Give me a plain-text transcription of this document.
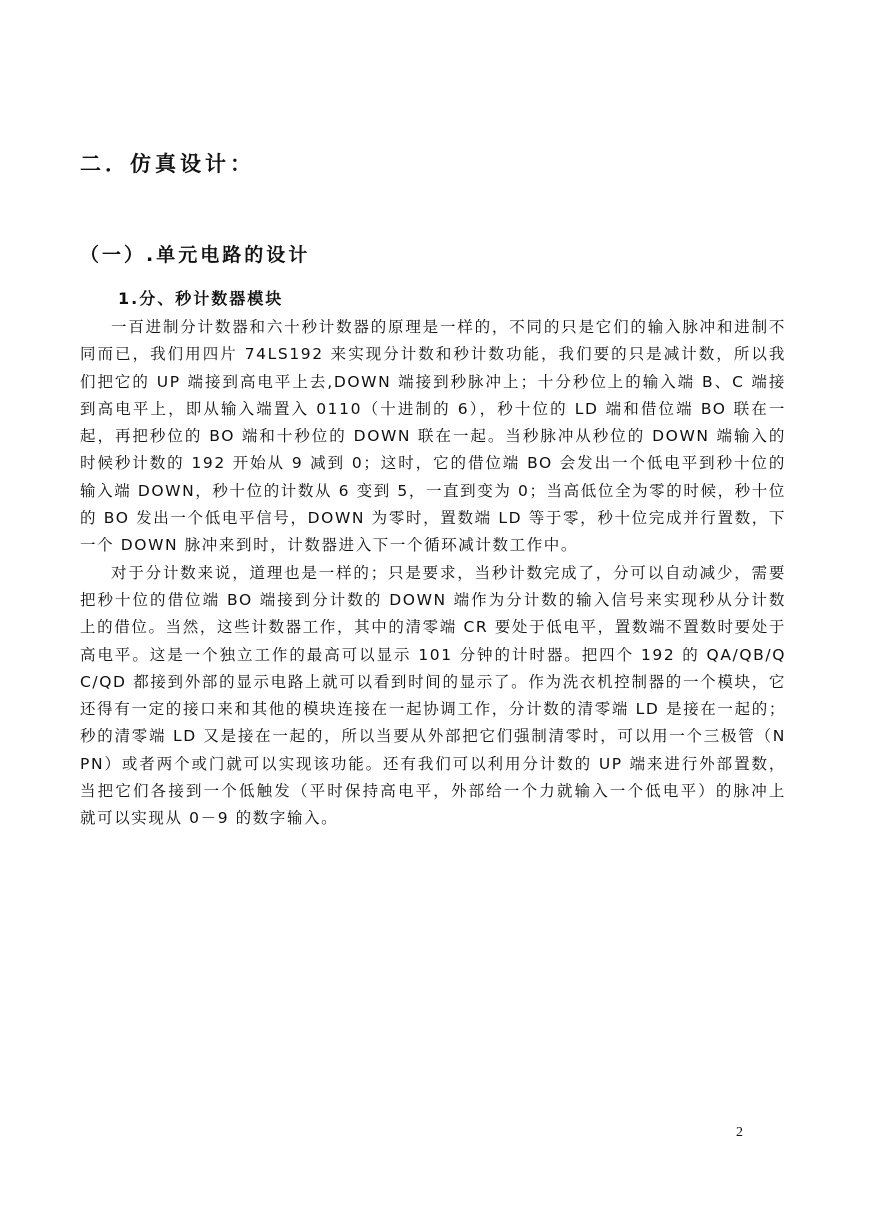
二．仿真设计：
（一）.单元电路的设计
1.分、秒计数器模块

一百进制分计数器和六十秒计数器的原理是一样的，不同的只是它们的输入脉冲和进制不同而已，我们用四片 74LS192 来实现分计数和秒计数功能，我们要的只是减计数，所以我们把它的 UP 端接到高电平上去,DOWN 端接到秒脉冲上；十分秒位上的输入端 B、C 端接到高电平上，即从输入端置入 0110（十进制的 6），秒十位的 LD 端和借位端 BO 联在一起，再把秒位的 BO 端和十秒位的 DOWN 联在一起。当秒脉冲从秒位的 DOWN 端输入的时候秒计数的 192 开始从 9 减到 0；这时，它的借位端 BO 会发出一个低电平到秒十位的输入端 DOWN，秒十位的计数从 6 变到 5，一直到变为 0；当高低位全为零的时候，秒十位的 BO 发出一个低电平信号，DOWN 为零时，置数端 LD 等于零，秒十位完成并行置数，下一个 DOWN 脉冲来到时，计数器进入下一个循环减计数工作中。

对于分计数来说，道理也是一样的；只是要求，当秒计数完成了，分可以自动减少，需要把秒十位的借位端 BO 端接到分计数的 DOWN 端作为分计数的输入信号来实现秒从分计数上的借位。当然，这些计数器工作，其中的清零端 CR 要处于低电平，置数端不置数时要处于高电平。这是一个独立工作的最高可以显示 101 分钟的计时器。把四个 192 的 QA/QB/QC/QD 都接到外部的显示电路上就可以看到时间的显示了。作为洗衣机控制器的一个模块，它还得有一定的接口来和其他的模块连接在一起协调工作，分计数的清零端 LD 是接在一起的；秒的清零端 LD 又是接在一起的，所以当要从外部把它们强制清零时，可以用一个三极管（NPN）或者两个或门就可以实现该功能。还有我们可以利用分计数的 UP 端来进行外部置数，当把它们各接到一个低触发（平时保持高电平，外部给一个力就输入一个低电平）的脉冲上 就可以实现从 0－9 的数字输入。

2
